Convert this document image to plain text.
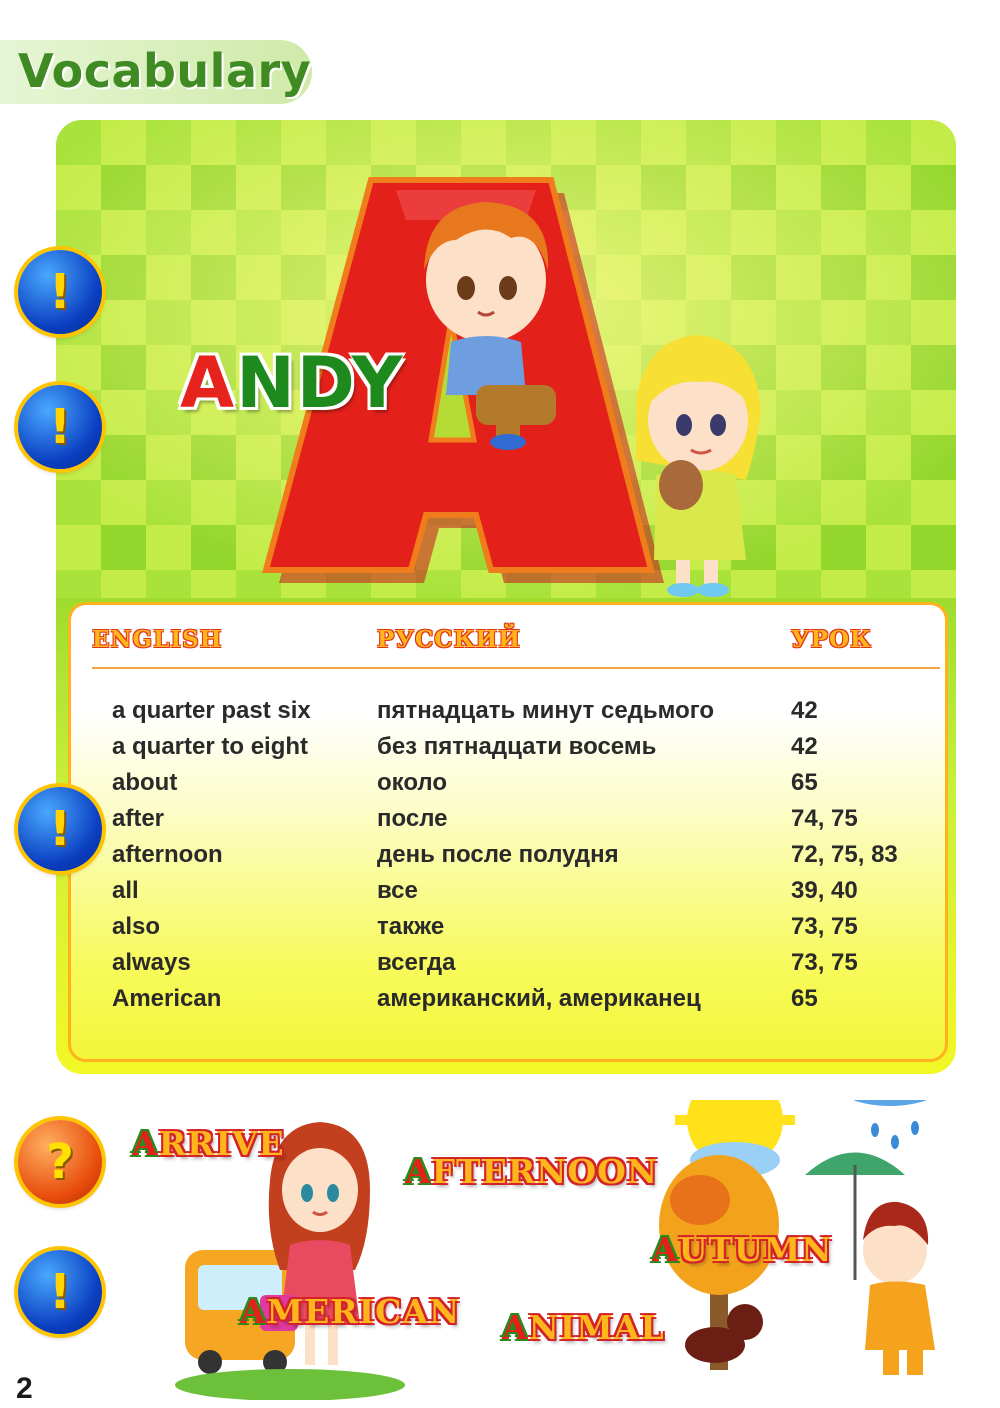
Vocabulary
ANDY
ENGLISH	РУССКИЙ	УРОК
a quarter past six	пятнадцать минут седьмого	42
a quarter to eight	без пятнадцати восемь	42
about	около	65
after	после	74, 75
afternoon	день после полудня	72, 75, 83
all	все	39, 40
also	также	73, 75
always	всегда	73, 75
American	американский, американец	65
!
!
!
?
!
ARRIVE
AFTERNOON
AUTUMN
AMERICAN ANIMAL
2
